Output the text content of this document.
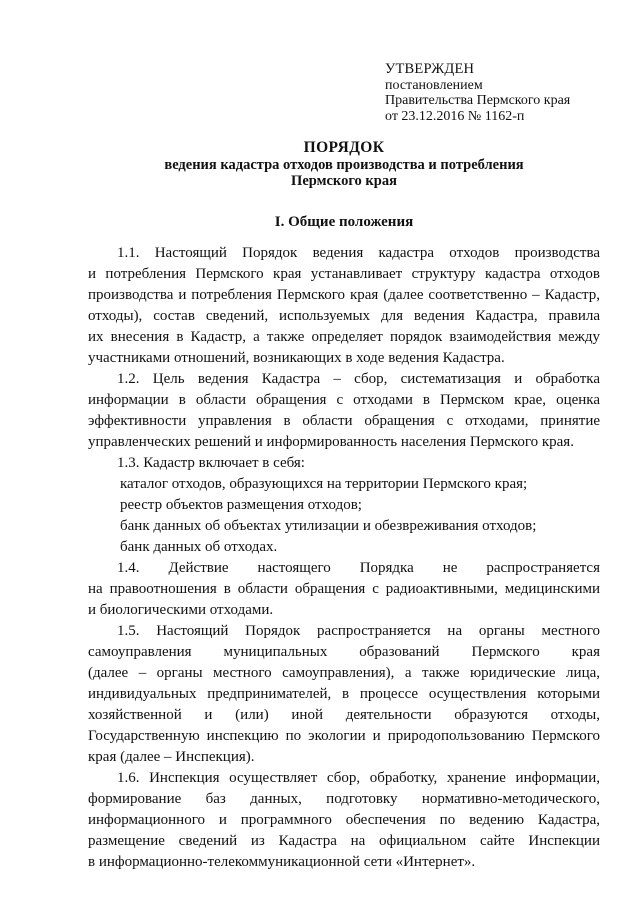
УТВЕРЖДЕН
постановлением
Правительства Пермского края
от 23.12.2016 № 1162-п
ПОРЯДОК
ведения кадастра отходов производства и потребления
Пермского края
I. Общие положения
1.1. Настоящий Порядок ведения кадастра отходов производства
и потребления Пермского края устанавливает структуру кадастра отходов
производства и потребления Пермского края (далее соответственно – Кадастр,
отходы), состав сведений, используемых для ведения Кадастра, правила
их внесения в Кадастр, а также определяет порядок взаимодействия между
участниками отношений, возникающих в ходе ведения Кадастра.
1.2. Цель ведения Кадастра – сбор, систематизация и обработка
информации в области обращения с отходами в Пермском крае, оценка
эффективности управления в области обращения с отходами, принятие
управленческих решений и информированность населения Пермского края.
1.3. Кадастр включает в себя:
каталог отходов, образующихся на территории Пермского края;
реестр объектов размещения отходов;
банк данных об объектах утилизации и обезвреживания отходов;
банк данных об отходах.
1.4. Действие настоящего Порядка не распространяется
на правоотношения в области обращения с радиоактивными, медицинскими
и биологическими отходами.
1.5. Настоящий Порядок распространяется на органы местного
самоуправления муниципальных образований Пермского края
(далее – органы местного самоуправления), а также юридические лица,
индивидуальных предпринимателей, в процессе осуществления которыми
хозяйственной и (или) иной деятельности образуются отходы,
Государственную инспекцию по экологии и природопользованию Пермского
края (далее – Инспекция).
1.6. Инспекция осуществляет сбор, обработку, хранение информации,
формирование баз данных, подготовку нормативно-методического,
информационного и программного обеспечения по ведению Кадастра,
размещение сведений из Кадастра на официальном сайте Инспекции
в информационно-телекоммуникационной сети «Интернет».
